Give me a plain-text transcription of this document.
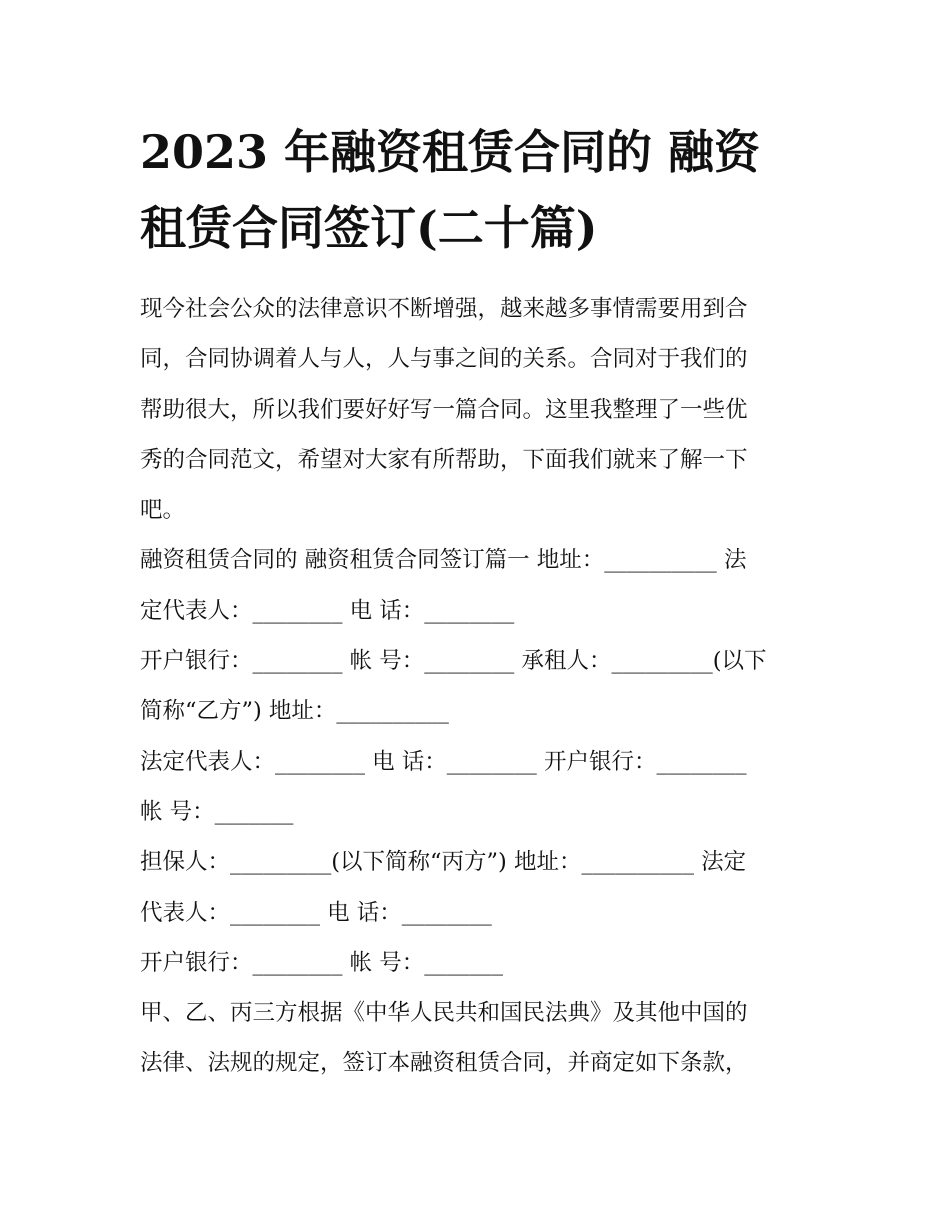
2023 年融资租赁合同的 融资
租赁合同签订(二十篇)
现今社会公众的法律意识不断增强，越来越多事情需要用到合
同，合同协调着人与人，人与事之间的关系。合同对于我们的
帮助很大，所以我们要好好写一篇合同。这里我整理了一些优
秀的合同范文，希望对大家有所帮助，下面我们就来了解一下
吧。
融资租赁合同的 融资租赁合同签订篇一 地址：__________ 法
定代表人：________ 电 话：________
开户银行：________ 帐 号：________ 承租人：_________(以下
简称“乙方”) 地址：__________
法定代表人：________ 电 话：________ 开户银行：________
帐 号：_______
担保人：_________(以下简称“丙方”) 地址：__________ 法定
代表人：________ 电 话：________
开户银行：________ 帐 号：_______
甲、乙、丙三方根据《中华人民共和国民法典》及其他中国的
法律、法规的规定，签订本融资租赁合同，并商定如下条款，
